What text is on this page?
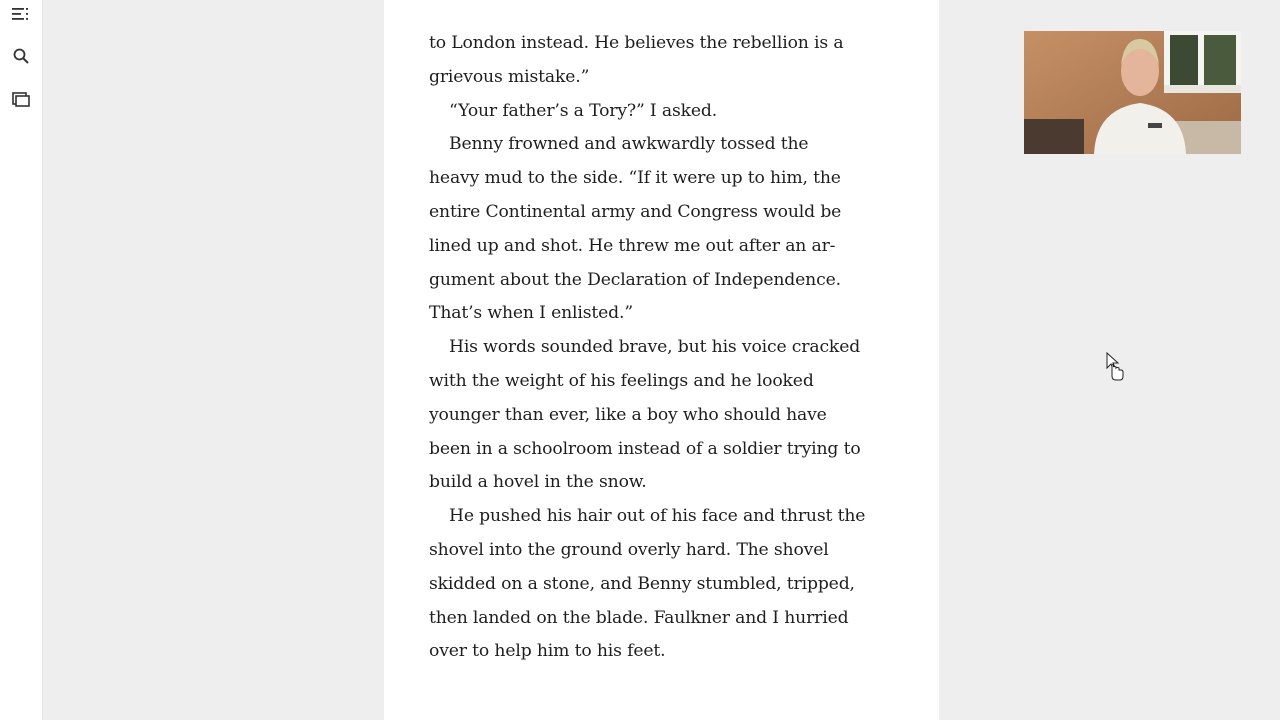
to London instead. He believes the rebellion is a
grievous mistake.”
“Your father’s a Tory?” I asked.
Benny frowned and awkwardly tossed the
heavy mud to the side. “If it were up to him, the
entire Continental army and Congress would be
lined up and shot. He threw me out after an ar-
gument about the Declaration of Independence.
That’s when I enlisted.”
His words sounded brave, but his voice cracked
with the weight of his feelings and he looked
younger than ever, like a boy who should have
been in a schoolroom instead of a soldier trying to
build a hovel in the snow.
He pushed his hair out of his face and thrust the
shovel into the ground overly hard. The shovel
skidded on a stone, and Benny stumbled, tripped,
then landed on the blade. Faulkner and I hurried
over to help him to his feet.
